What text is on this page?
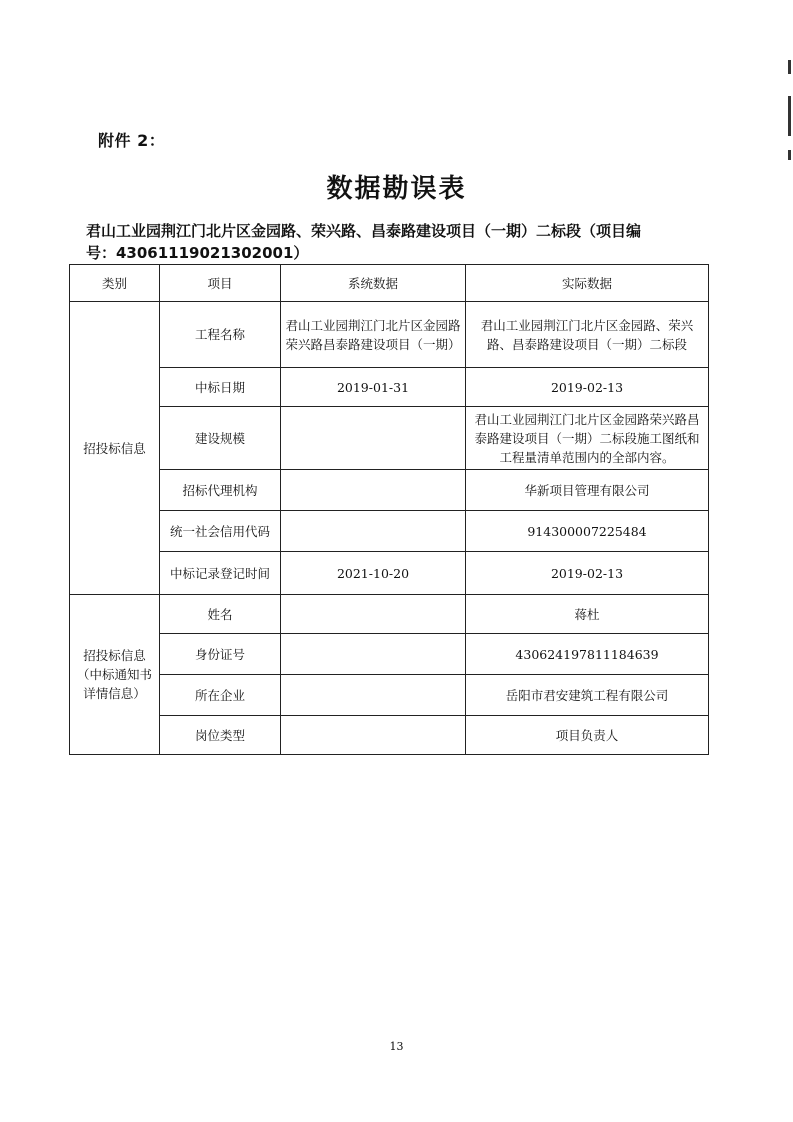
附件 2：
数据勘误表
君山工业园荆江门北片区金园路、荣兴路、昌泰路建设项目（一期）二标段（项目编
号：43061119021302001）
类别	项目	系统数据	实际数据
招投标信息	工程名称	君山工业园荆江门北片区金园路荣兴路昌泰路建设项目（一期）	君山工业园荆江门北片区金园路、荣兴路、昌泰路建设项目（一期）二标段
	中标日期	2019-01-31	2019-02-13
	建设规模		君山工业园荆江门北片区金园路荣兴路昌泰路建设项目（一期）二标段施工图纸和工程量清单范围内的全部内容。
	招标代理机构		华新项目管理有限公司
	统一社会信用代码		914300007225484
	中标记录登记时间	2021-10-20	2019-02-13
招投标信息（中标通知书详情信息）	姓名		蒋杜
	身份证号		430624197811184639
	所在企业		岳阳市君安建筑工程有限公司
	岗位类型		项目负责人
13
